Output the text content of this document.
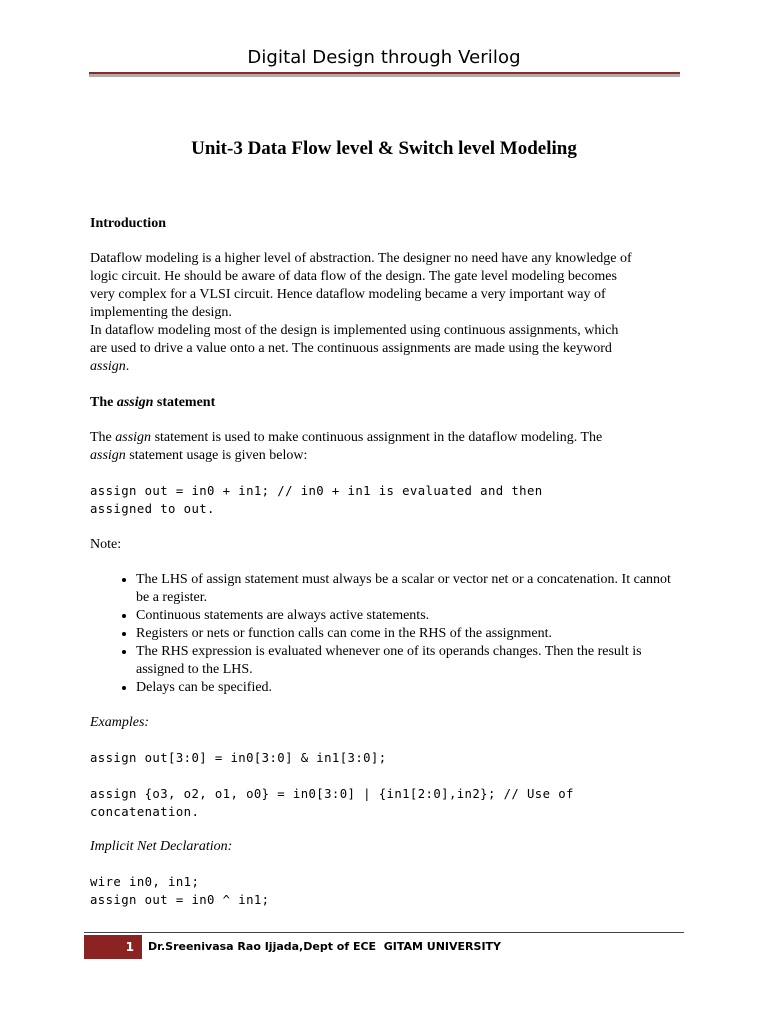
Digital Design through Verilog
Unit-3 Data Flow level & Switch level Modeling
Introduction

Dataflow modeling is a higher level of abstraction. The designer no need have any knowledge of

logic circuit. He should be aware of data flow of the design. The gate level modeling becomes

very complex for a VLSI circuit. Hence dataflow modeling became a very important way of

implementing the design.

In dataflow modeling most of the design is implemented using continuous assignments, which

are used to drive a value onto a net. The continuous assignments are made using the keyword

assign.

The assign statement

The assign statement is used to make continuous assignment in the dataflow modeling. The

assign statement usage is given below:

assign out = in0 + in1; // in0 + in1 is evaluated and then
assigned to out.
Note:
• The LHS of assign statement must always be a scalar or vector net or a concatenation. It cannot be a register.
• Continuous statements are always active statements.
• Registers or nets or function calls can come in the RHS of the assignment.
• The RHS expression is evaluated whenever one of its operands changes. Then the result is assigned to the LHS.
• Delays can be specified.
Examples:
assign out[3:0] = in0[3:0] & in1[3:0];
assign {o3, o2, o1, o0} = in0[3:0] | {in1[2:0],in2}; // Use of
concatenation.
Implicit Net Declaration:
wire in0, in1;
assign out = in0 ^ in1;
1	Dr.Sreenivasa Rao Ijjada,Dept of ECE  GITAM UNIVERSITY
